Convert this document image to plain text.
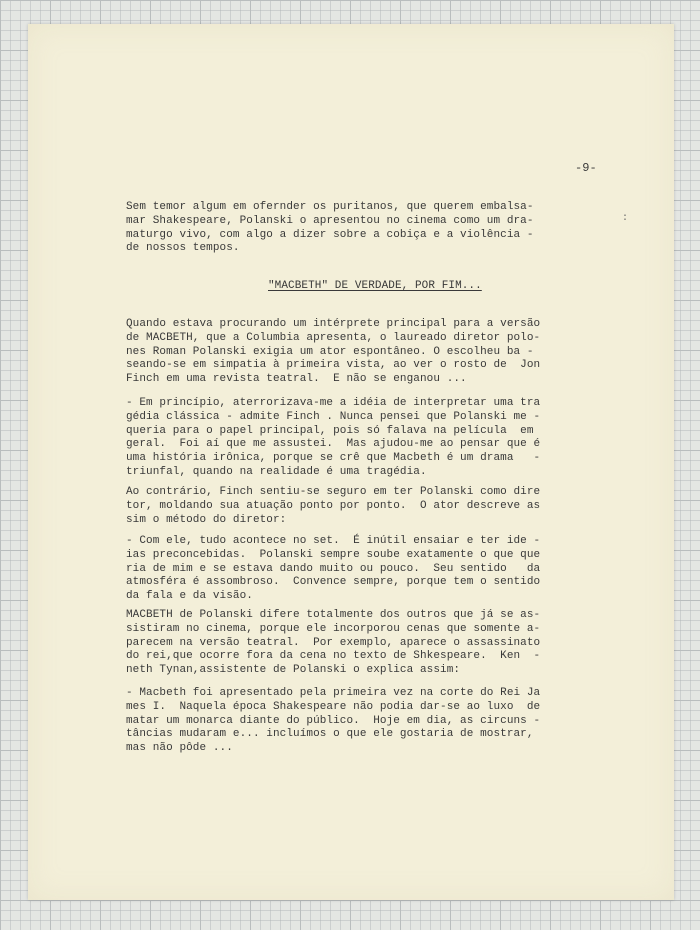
-9-
Sem temor algum em ofernder os puritanos, que querem embalsa-
mar Shakespeare, Polanski o apresentou no cinema como um dra-
maturgo vivo, com algo a dizer sobre a cobiça e a violência -
de nossos tempos.
"MACBETH" DE VERDADE, POR FIM...
Quando estava procurando um intérprete principal para a versão
de MACBETH, que a Columbia apresenta, o laureado diretor polo-
nes Roman Polanski exigia um ator espontâneo. O escolheu ba -
seando-se em simpatia à primeira vista, ao ver o rosto de  Jon
Finch em uma revista teatral.  E não se enganou ...
- Em princípio, aterrorizava-me a idéia de interpretar uma tra
gédia clássica - admite Finch . Nunca pensei que Polanski me -
queria para o papel principal, pois só falava na película  em
geral.  Foi aí que me assustei.  Mas ajudou-me ao pensar que é
uma história irônica, porque se crê que Macbeth é um drama   -
triunfal, quando na realidade é uma tragédia.
Ao contrário, Finch sentiu-se seguro em ter Polanski como dire
tor, moldando sua atuação ponto por ponto.  O ator descreve as
sim o método do diretor:
- Com ele, tudo acontece no set.  É inútil ensaiar e ter ide -
ias preconcebidas.  Polanski sempre soube exatamente o que que
ria de mim e se estava dando muito ou pouco.  Seu sentido   da
atmosféra é assombroso.  Convence sempre, porque tem o sentido
da fala e da visão.
MACBETH de Polanski difere totalmente dos outros que já se as-
sistiram no cinema, porque ele incorporou cenas que somente a-
parecem na versão teatral.  Por exemplo, aparece o assassinato
do rei,que ocorre fora da cena no texto de Shkespeare.  Ken  -
neth Tynan,assistente de Polanski o explica assim:
- Macbeth foi apresentado pela primeira vez na corte do Rei Ja
mes I.  Naquela época Shakespeare não podia dar-se ao luxo  de
matar um monarca diante do público.  Hoje em dia, as circuns -
tâncias mudaram e... incluímos o que ele gostaria de mostrar,
mas não pôde ...
:
